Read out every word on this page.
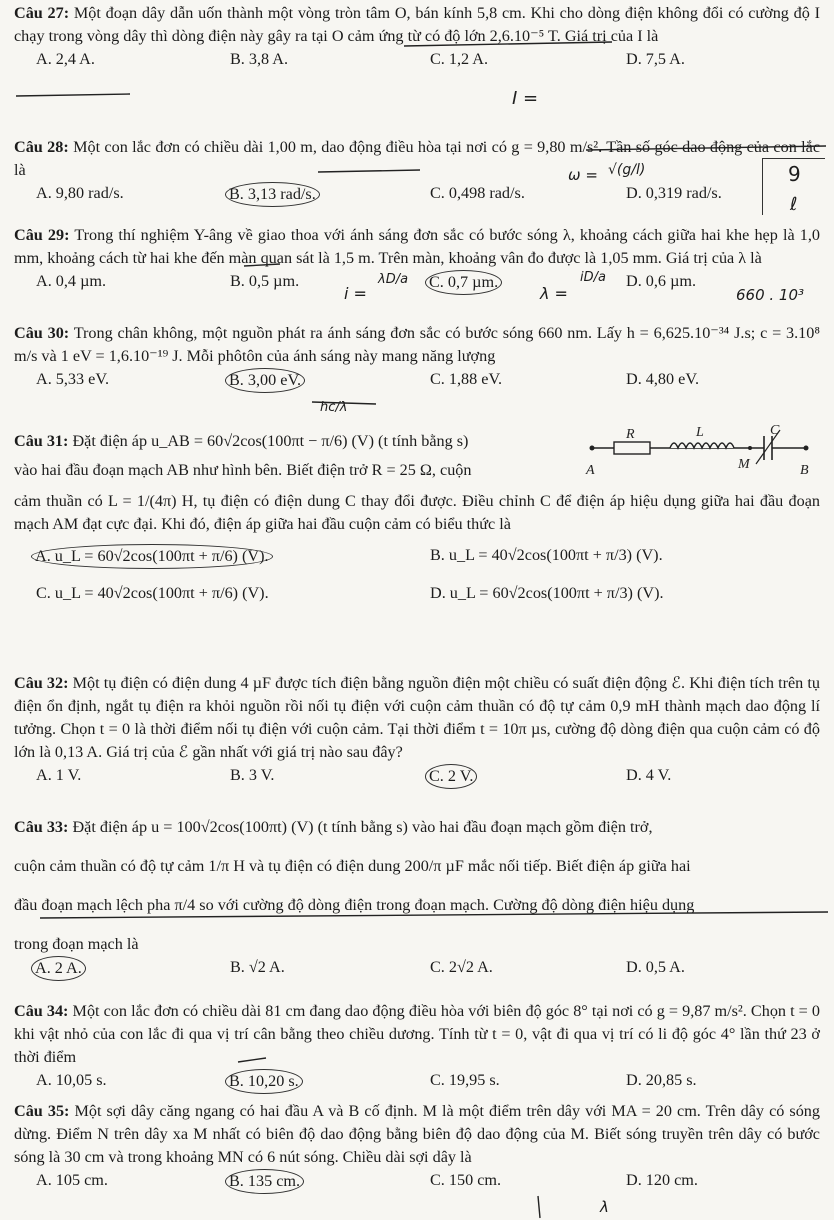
Câu 27: Một đoạn dây dẫn uốn thành một vòng tròn tâm O, bán kính 5,8 cm. Khi cho dòng điện không đổi có cường độ I chạy trong vòng dây thì dòng điện này gây ra tại O cảm ứng từ có độ lớn 2,6.10⁻⁵ T. Giá trị của I là

A. 2,4 A.	B. 3,8 A.	C. 1,2 A.	D. 7,5 A.
I =

Câu 28: Một con lắc đơn có chiều dài 1,00 m, dao động điều hòa tại nơi có g = 9,80 m/s². Tần số góc dao động của con lắc là

A. 9,80 rad/s.	B. 3,13 rad/s.	C. 0,498 rad/s.	D. 0,319 rad/s.
ω = √(g/l)	9
ℓ

Câu 29: Trong thí nghiệm Y-âng về giao thoa với ánh sáng đơn sắc có bước sóng λ, khoảng cách giữa hai khe hẹp là 1,0 mm, khoảng cách từ hai khe đến màn quan sát là 1,5 m. Trên màn, khoảng vân đo được là 1,05 mm. Giá trị của λ là

A. 0,4 µm.	B. 0,5 µm.	C. 0,7 µm.	D. 0,6 µm.
i =
λD/a
λ =
iD/a
660 . 10³

Câu 30: Trong chân không, một nguồn phát ra ánh sáng đơn sắc có bước sóng 660 nm. Lấy h = 6,625.10⁻³⁴ J.s; c = 3.10⁸ m/s và 1 eV = 1,6.10⁻¹⁹ J. Mỗi phôtôn của ánh sáng này mang năng lượng

A. 5,33 eV.	B. 3,00 eV.	C. 1,88 eV.	D. 4,80 eV.
hc/λ

Câu 31: Đặt điện áp u_AB = 60√2cos(100πt − π/6) (V) (t tính bằng s)

vào hai đầu đoạn mạch AB như hình bên. Biết điện trở R = 25 Ω, cuộn

cảm thuần có L = 1/(4π) H, tụ điện có điện dung C thay đổi được. Điều chỉnh C để điện áp hiệu dụng giữa hai đầu đoạn mạch AM đạt cực đại. Khi đó, điện áp giữa hai đầu cuộn cảm có biểu thức là

A. u_L = 60√2cos(100πt + π/6) (V).	B. u_L = 40√2cos(100πt + π/3) (V).
C. u_L = 40√2cos(100πt + π/6) (V).	D. u_L = 60√2cos(100πt + π/3) (V).
A	B
R	L	C
M

Câu 32: Một tụ điện có điện dung 4 µF được tích điện bằng nguồn điện một chiều có suất điện động ℰ. Khi điện tích trên tụ điện ổn định, ngắt tụ điện ra khỏi nguồn rồi nối tụ điện với cuộn cảm thuần có độ tự cảm 0,9 mH thành mạch dao động lí tưởng. Chọn t = 0 là thời điểm nối tụ điện với cuộn cảm. Tại thời điểm t = 10π µs, cường độ dòng điện qua cuộn cảm có độ lớn là 0,13 A. Giá trị của ℰ gần nhất với giá trị nào sau đây?

A. 1 V.	B. 3 V.	C. 2 V.	D. 4 V.

Câu 33: Đặt điện áp u = 100√2cos(100πt) (V) (t tính bằng s) vào hai đầu đoạn mạch gồm điện trở,

cuộn cảm thuần có độ tự cảm 1/π H và tụ điện có điện dung 200/π µF mắc nối tiếp. Biết điện áp giữa hai

đầu đoạn mạch lệch pha π/4 so với cường độ dòng điện trong đoạn mạch. Cường độ dòng điện hiệu dụng

trong đoạn mạch là

A. 2 A.	B. √2 A.	C. 2√2 A.	D. 0,5 A.

Câu 34: Một con lắc đơn có chiều dài 81 cm đang dao động điều hòa với biên độ góc 8° tại nơi có g = 9,87 m/s². Chọn t = 0 khi vật nhỏ của con lắc đi qua vị trí cân bằng theo chiều dương. Tính từ t = 0, vật đi qua vị trí có li độ góc 4° lần thứ 23 ở thời điểm

A. 10,05 s.	B. 10,20 s.	C. 19,95 s.	D. 20,85 s.

Câu 35: Một sợi dây căng ngang có hai đầu A và B cố định. M là một điểm trên dây với MA = 20 cm. Trên dây có sóng dừng. Điểm N trên dây xa M nhất có biên độ dao động bằng biên độ dao động của M. Biết sóng truyền trên dây có bước sóng là 30 cm và trong khoảng MN có 6 nút sóng. Chiều dài sợi dây là

A. 105 cm.	B. 135 cm.	C. 150 cm.	D. 120 cm.
λ
